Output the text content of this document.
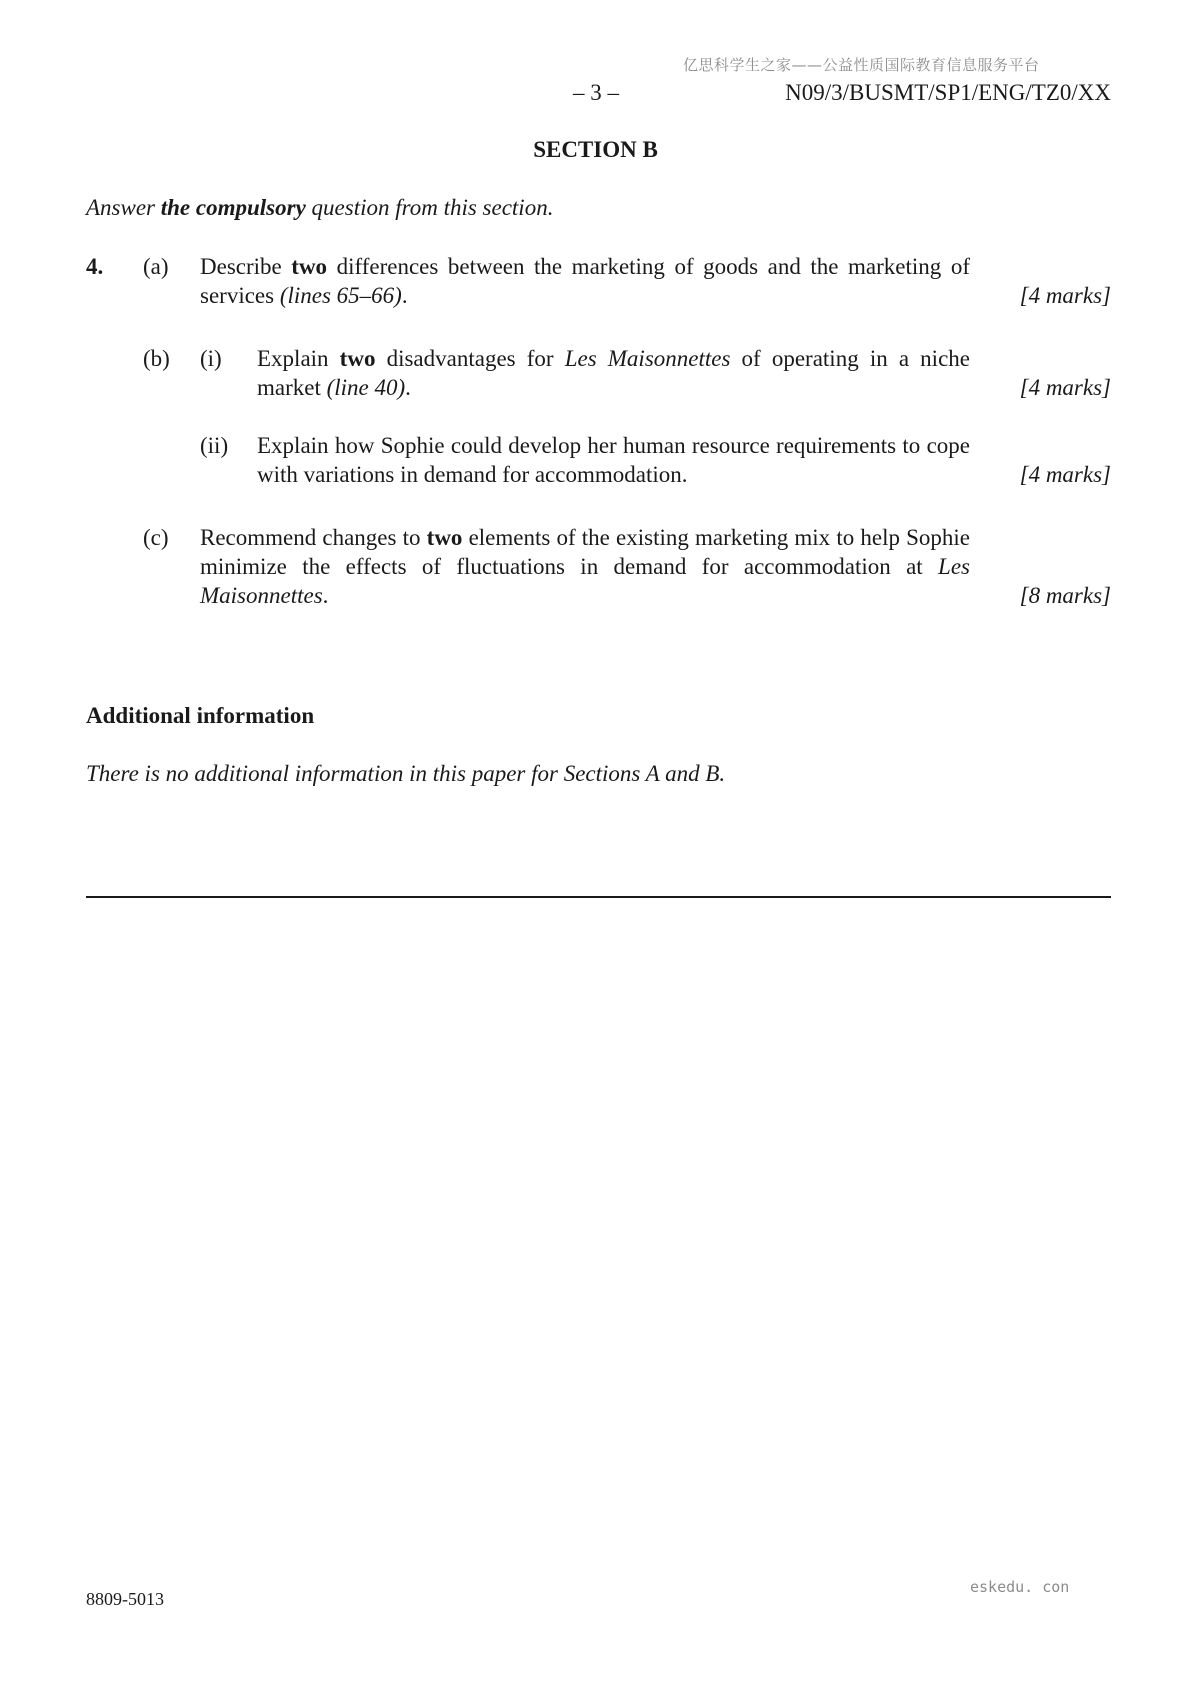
亿思科学生之家——公益性质国际教育信息服务平台
– 3 –	N09/3/BUSMT/SP1/ENG/TZ0/XX
SECTION B
Answer the compulsory question from this section.
4. (a) Describe two differences between the marketing of goods and the marketing of services (lines 65–66).	[4 marks]
(b) (i) Explain two disadvantages for Les Maisonnettes of operating in a niche market (line 40).	[4 marks]
(ii) Explain how Sophie could develop her human resource requirements to cope with variations in demand for accommodation.	[4 marks]
(c) Recommend changes to two elements of the existing marketing mix to help Sophie minimize the effects of fluctuations in demand for accommodation at Les Maisonnettes.	[8 marks]
Additional information
There is no additional information in this paper for Sections A and B.
8809-5013
eskedu. con
